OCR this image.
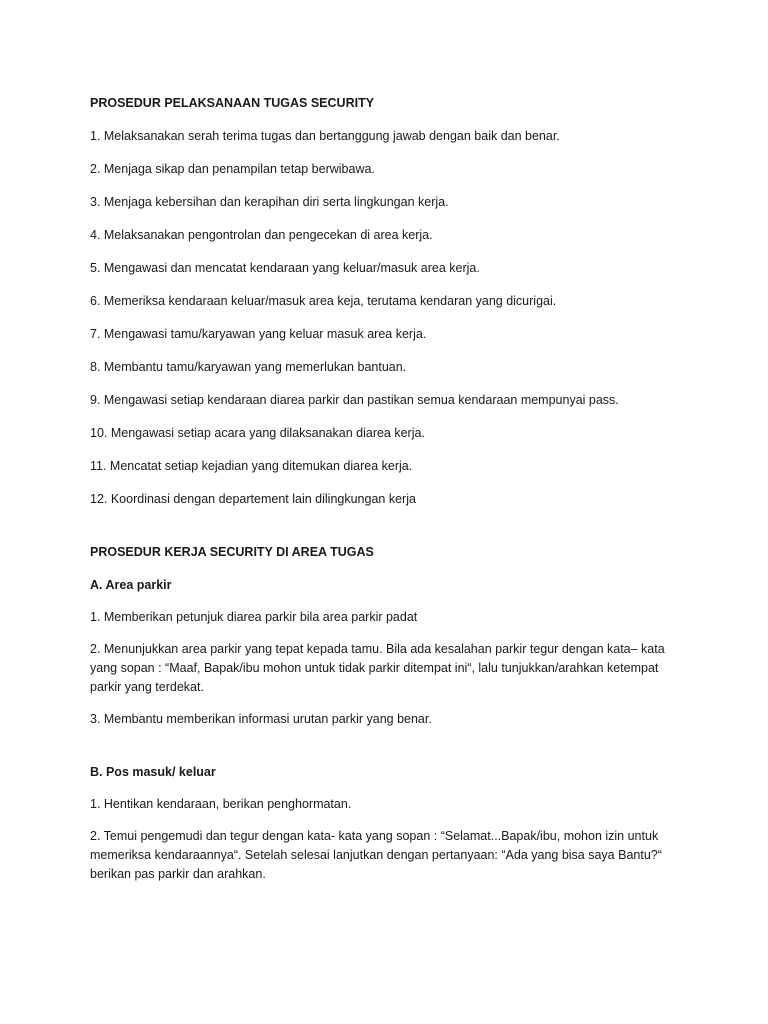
PROSEDUR PELAKSANAAN TUGAS SECURITY

1. Melaksanakan serah terima tugas dan bertanggung jawab dengan baik dan benar.

2. Menjaga sikap dan penampilan tetap berwibawa.

3. Menjaga kebersihan dan kerapihan diri serta lingkungan kerja.

4. Melaksanakan pengontrolan dan pengecekan di area kerja.

5. Mengawasi dan mencatat kendaraan yang keluar/masuk area kerja.

6. Memeriksa kendaraan keluar/masuk area keja, terutama kendaran yang dicurigai.

7. Mengawasi tamu/karyawan yang keluar masuk area kerja.

8. Membantu tamu/karyawan yang memerlukan bantuan.

9. Mengawasi setiap kendaraan diarea parkir dan pastikan semua kendaraan mempunyai pass.

10. Mengawasi setiap acara yang dilaksanakan diarea kerja.

11. Mencatat setiap kejadian yang ditemukan diarea kerja.

12. Koordinasi dengan departement lain dilingkungan kerja

PROSEDUR KERJA SECURITY DI AREA TUGAS

A. Area parkir

1. Memberikan petunjuk diarea parkir bila area parkir padat

2. Menunjukkan area parkir yang tepat kepada tamu. Bila ada kesalahan parkir tegur dengan kata– kata yang sopan : “Maaf, Bapak/ibu mohon untuk tidak parkir ditempat ini“, lalu tunjukkan/arahkan ketempat parkir yang terdekat.

3. Membantu memberikan informasi urutan parkir yang benar.

B. Pos masuk/ keluar

1. Hentikan kendaraan, berikan penghormatan.

2. Temui pengemudi dan tegur dengan kata- kata yang sopan : “Selamat...Bapak/ibu, mohon izin untuk memeriksa kendaraannya“. Setelah selesai lanjutkan dengan pertanyaan: “Ada yang bisa saya Bantu?“ berikan pas parkir dan arahkan.
